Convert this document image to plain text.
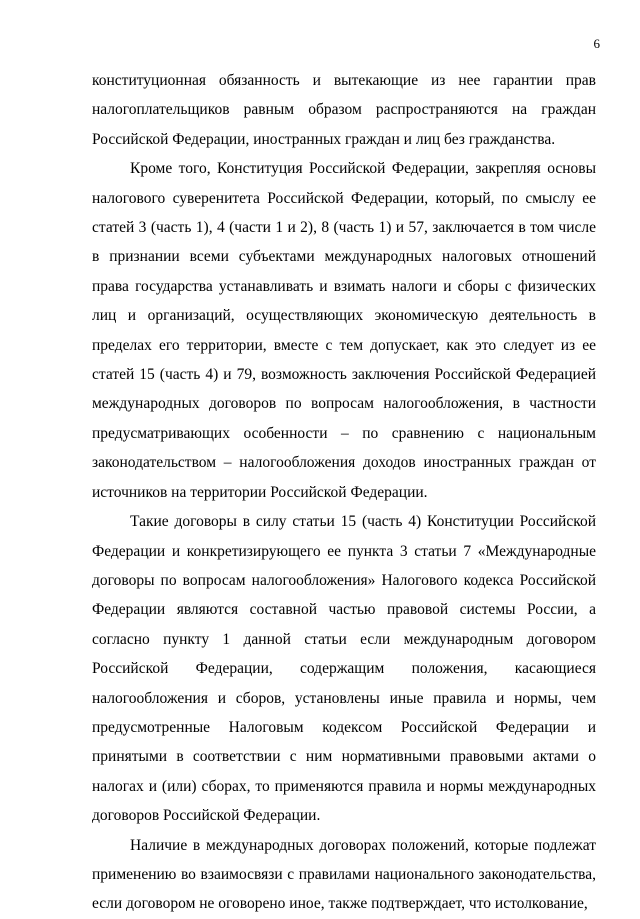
6

конституционная обязанность и вытекающие из нее гарантии прав налогоплательщиков равным образом распространяются на граждан Российской Федерации, иностранных граждан и лиц без гражданства.

Кроме того, Конституция Российской Федерации, закрепляя основы налогового суверенитета Российской Федерации, который, по смыслу ее статей 3 (часть 1), 4 (части 1 и 2), 8 (часть 1) и 57, заключается в том числе в признании всеми субъектами международных налоговых отношений права государства устанавливать и взимать налоги и сборы с физических лиц и организаций, осуществляющих экономическую деятельность в пределах его территории, вместе с тем допускает, как это следует из ее статей 15 (часть 4) и 79, возможность заключения Российской Федерацией международных договоров по вопросам налогообложения, в частности предусматривающих особенности – по сравнению с национальным законодательством – налогообложения доходов иностранных граждан от источников на территории Российской Федерации.

Такие договоры в силу статьи 15 (часть 4) Конституции Российской Федерации и конкретизирующего ее пункта 3 статьи 7 «Международные договоры по вопросам налогообложения» Налогового кодекса Российской Федерации являются составной частью правовой системы России, а согласно пункту 1 данной статьи если международным договором Российской Федерации, содержащим положения, касающиеся налогообложения и сборов, установлены иные правила и нормы, чем предусмотренные Налоговым кодексом Российской Федерации и принятыми в соответствии с ним нормативными правовыми актами о налогах и (или) сборах, то применяются правила и нормы международных договоров Российской Федерации.

Наличие в международных договорах положений, которые подлежат применению во взаимосвязи с правилами национального законодательства, если договором не оговорено иное, также подтверждает, что истолкование,
